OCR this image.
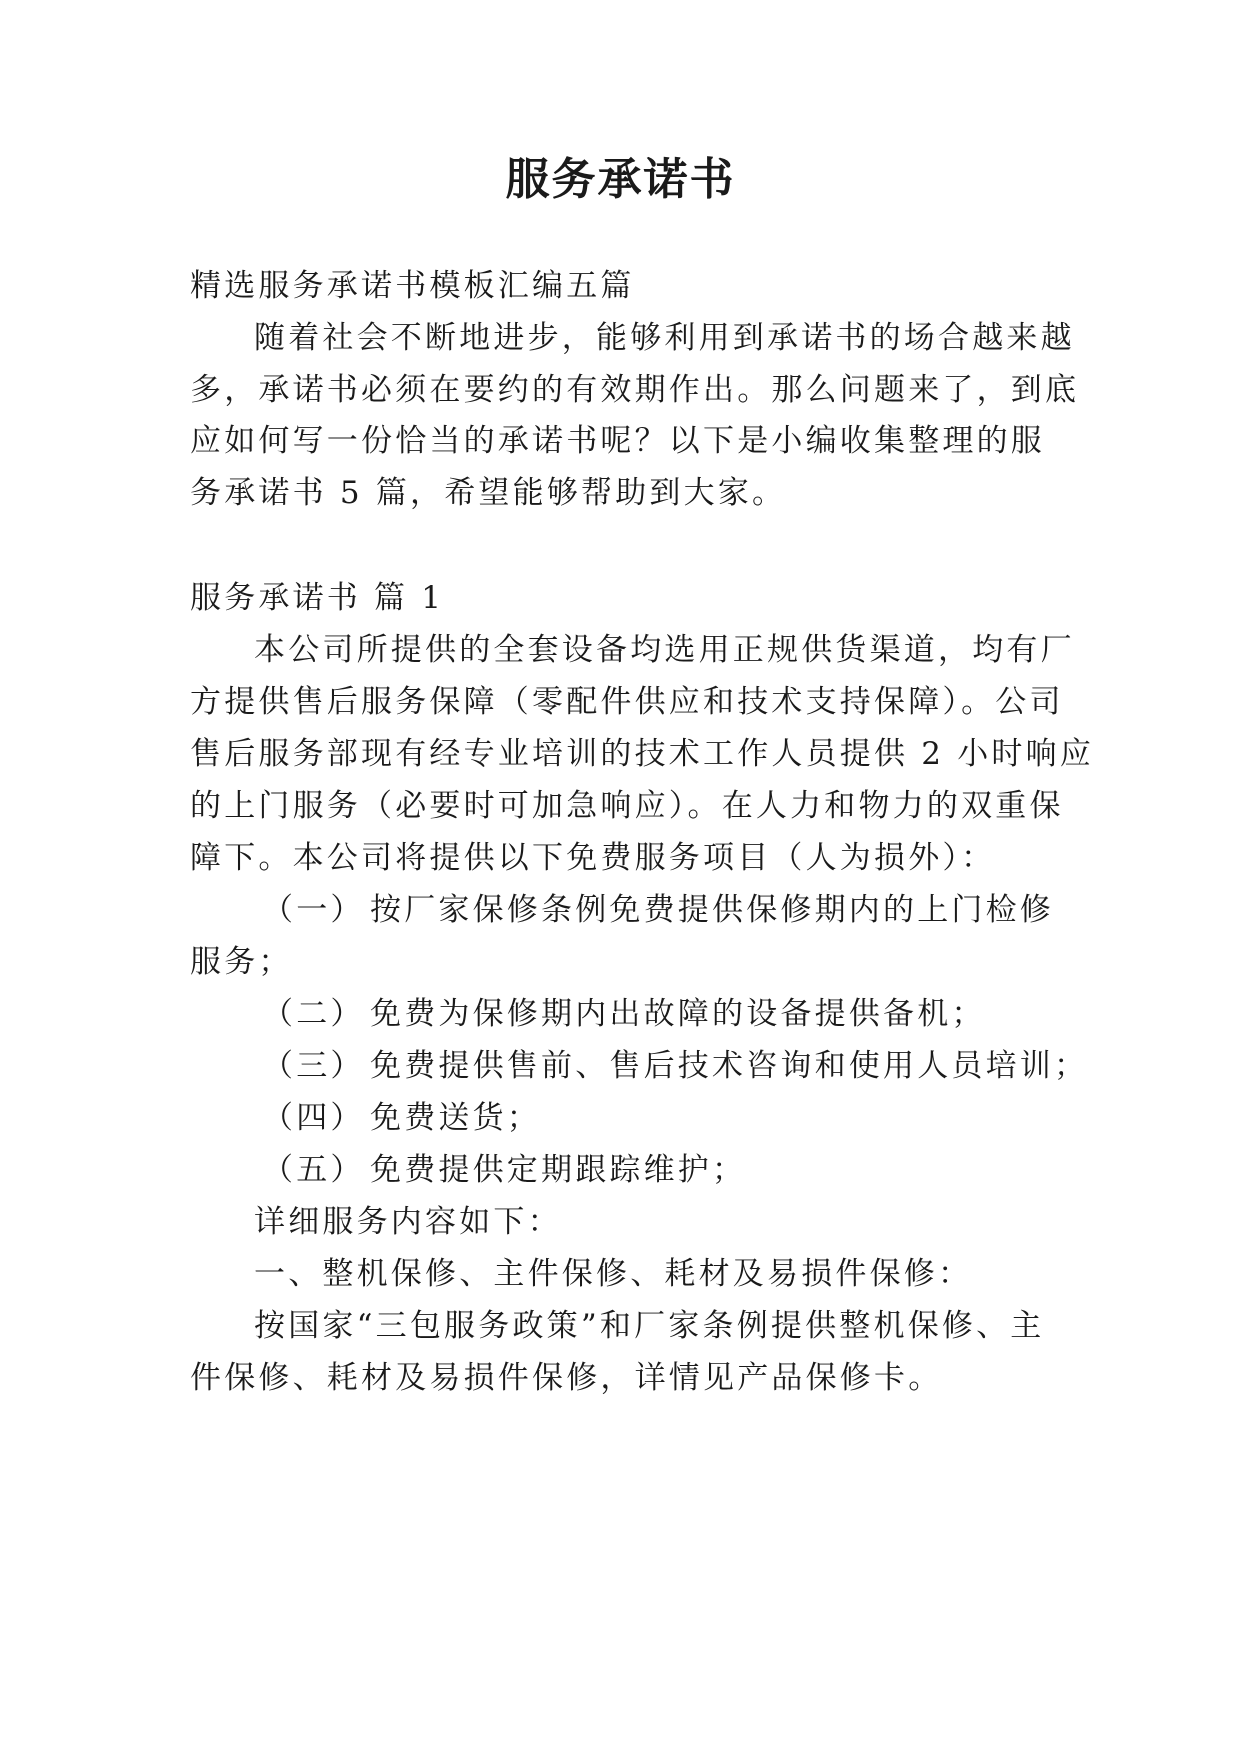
服务承诺书
精选服务承诺书模板汇编五篇
随着社会不断地进步，能够利用到承诺书的场合越来越
多，承诺书必须在要约的有效期作出。那么问题来了，到底
应如何写一份恰当的承诺书呢？以下是小编收集整理的服
务承诺书 5 篇，希望能够帮助到大家。
服务承诺书 篇 1
本公司所提供的全套设备均选用正规供货渠道，均有厂
方提供售后服务保障（零配件供应和技术支持保障）。公司
售后服务部现有经专业培训的技术工作人员提供 2 小时响应
的上门服务（必要时可加急响应）。在人力和物力的双重保
障下。本公司将提供以下免费服务项目（人为损外）：
（一） 按厂家保修条例免费提供保修期内的上门检修
服务；
（二） 免费为保修期内出故障的设备提供备机；
（三） 免费提供售前、售后技术咨询和使用人员培训；
（四） 免费送货；
（五） 免费提供定期跟踪维护；
详细服务内容如下：
一、整机保修、主件保修、耗材及易损件保修：
按国家“三包服务政策”和厂家条例提供整机保修、主
件保修、耗材及易损件保修，详情见产品保修卡。
